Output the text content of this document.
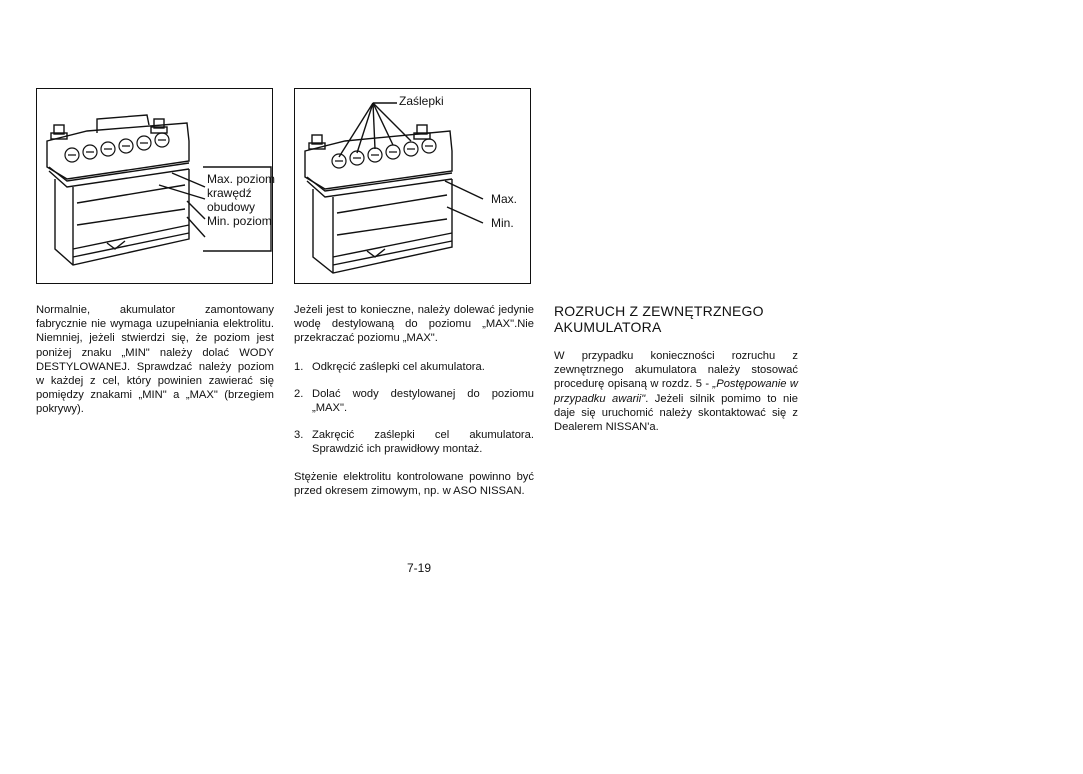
Max. poziom
krawędź
obudowy
Min. poziom
Zaślepki
Max.
Min.

Normalnie, akumulator zamontowany fabrycznie nie wymaga uzupełniania elektrolitu. Niemniej, jeżeli stwierdzi się, że poziom jest poniżej znaku „MIN" należy dolać WODY DESTYLOWANEJ. Sprawdzać należy poziom w każdej z cel, który powinien zawierać się pomiędzy znakami „MIN" a „MAX" (brzegiem pokrywy).

Jeżeli jest to konieczne, należy dolewać jedynie wodę destylowaną do poziomu „MAX".Nie przekraczać poziomu „MAX".

1. Odkręcić zaślepki cel akumulatora.
2. Dolać wody destylowanej do poziomu „MAX".
3. Zakręcić zaślepki cel akumulatora. Sprawdzić ich prawidłowy montaż.

Stężenie elektrolitu kontrolowane powinno być przed okresem zimowym, np. w ASO NISSAN.

ROZRUCH Z ZEWNĘTRZNEGO AKUMULATORA

W przypadku konieczności rozruchu z zewnętrznego akumulatora należy stosować procedurę opisaną w rozdz. 5 - „Postępowanie w przypadku awarii". Jeżeli silnik pomimo to nie daje się uruchomić należy skontaktować się z Dealerem NISSAN'a.

7-19
